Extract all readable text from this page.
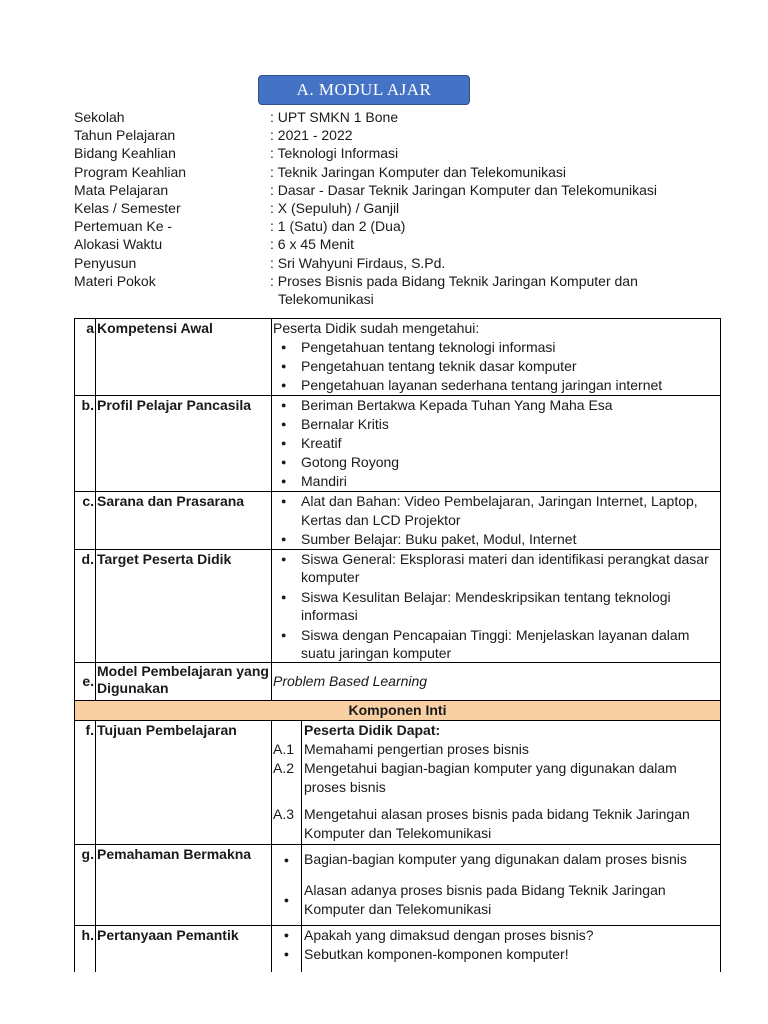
A. MODUL AJAR
Sekolah	: UPT SMKN 1 Bone
Tahun Pelajaran	: 2021 - 2022
Bidang Keahlian	: Teknologi Informasi
Program Keahlian	: Teknik Jaringan Komputer dan Telekomunikasi
Mata Pelajaran	: Dasar - Dasar Teknik Jaringan Komputer dan Telekomunikasi
Kelas / Semester	: X (Sepuluh) / Ganjil
Pertemuan Ke -	: 1 (Satu) dan 2 (Dua)
Alokasi Waktu	: 6 x 45 Menit
Penyusun	: Sri Wahyuni Firdaus, S.Pd.
Materi Pokok	: Proses Bisnis pada Bidang Teknik Jaringan Komputer dan
Telekomunikasi
a	Kompetensi Awal	Peserta Didik sudah mengetahui:
● Pengetahuan tentang teknologi informasi
● Pengetahuan tentang teknik dasar komputer
● Pengetahuan layanan sederhana tentang jaringan internet

b.	Profil Pelajar Pancasila	
●Beriman Bertakwa Kepada Tuhan Yang Maha Esa
● Bernalar Kritis
● Kreatif
● Gotong Royong
● Mandiri

c.	Sarana dan Prasarana	
●Alat dan Bahan: Video Pembelajaran, Jaringan Internet, Laptop, Kertas dan LCD Projektor
● Sumber Belajar: Buku paket, Modul, Internet

d.	Target Peserta Didik	
●Siswa General: Eksplorasi materi dan identifikasi perangkat dasar komputer
● Siswa Kesulitan Belajar: Mendeskripsikan tentang teknologi informasi
● Siswa dengan Pencapaian Tinggi: Menjelaskan layanan dalam suatu jaringan komputer

e.	Model Pembelajaran yang Digunakan	Problem Based Learning
Komponen Inti
f.	Tujuan Pembelajaran	
		Peserta Didik Dapat:
A.1	Memahami pengertian proses bisnis
A.2	Mengetahui bagian-bagian komputer yang digunakan dalam proses bisnis
A.3	Mengetahui alasan proses bisnis pada bidang Teknik Jaringan Komputer dan Telekomunikasi

g.	Pemahaman Bermakna		●	Bagian-bagian komputer yang digunakan dalam proses bisnis
●	Alasan adanya proses bisnis pada Bidang Teknik Jaringan Komputer dan Telekomunikasi

h.	Pertanyaan Pemantik		●	Apakah yang dimaksud dengan proses bisnis?
●	Sebutkan komponen-komponen komputer!
